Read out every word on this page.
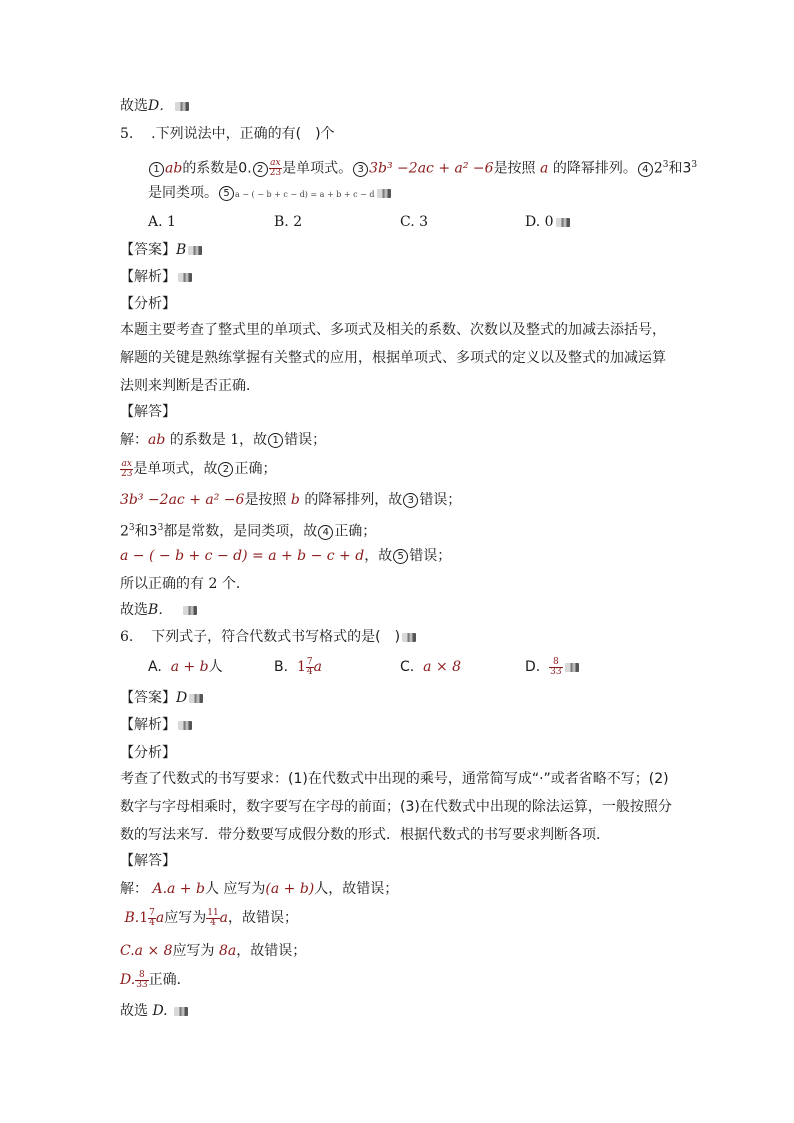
故选D．
5. .下列说法中，正确的有(　)个
1 ab的系数是0. $2 \frac{ax}{23}$ 是单项式。 3 3b³ −2ac + a² −6是按照 a 的降幂排列。 4 $2^3$和$3^3$
是同类项。 5 a − ( − b + c − d) = a + b + c − d
A. 1	B. 2	C. 3	D. 0
【答案】B
【解析】
【分析】
本题主要考查了整式里的单项式、多项式及相关的系数、次数以及整式的加减去添括号，解题的关键是熟练掌握有关整式的应用，根据单项式、多项式的定义以及整式的加减运算法则来判断是否正确．
【解答】
解：ab 的系数是 1，故 1 错误；
$\frac{ax}{23}$ 是单项式，故 2 正确；
3b³ −2ac + a² −6是按照 b 的降幂排列，故 3 错误；
$2^3$和$3^3$都是常数，是同类项，故 4 正确；
a − ( − b + c − d) = a + b − c + d，故 5 错误；
所以正确的有 2 个．
故选B．
6. 下列式子，符合代数式书写格式的是(　)
A. a + b人	B. $1 \frac{7}{4}$ a	C. a × 8	D. $\frac{8}{33}$
【答案】D
【解析】
【分析】
考查了代数式的书写要求：(1)在代数式中出现的乘号，通常简写成“·”或者省略不写；(2)数字与字母相乘时，数字要写在字母的前面；(3)在代数式中出现的除法运算，一般按照分数的写法来写．带分数要写成假分数的形式．根据代数式的书写要求判断各项．
【解答】
解： A.a + b人 应写为(a + b)人，故错误；
$B.1 \frac{7}{4}$ a应写为 $\frac{11}{4}$ a，故错误；
C.a × 8应写为 8a，故错误；
D. $\frac{8}{33}$ 正确．
故选 D.
